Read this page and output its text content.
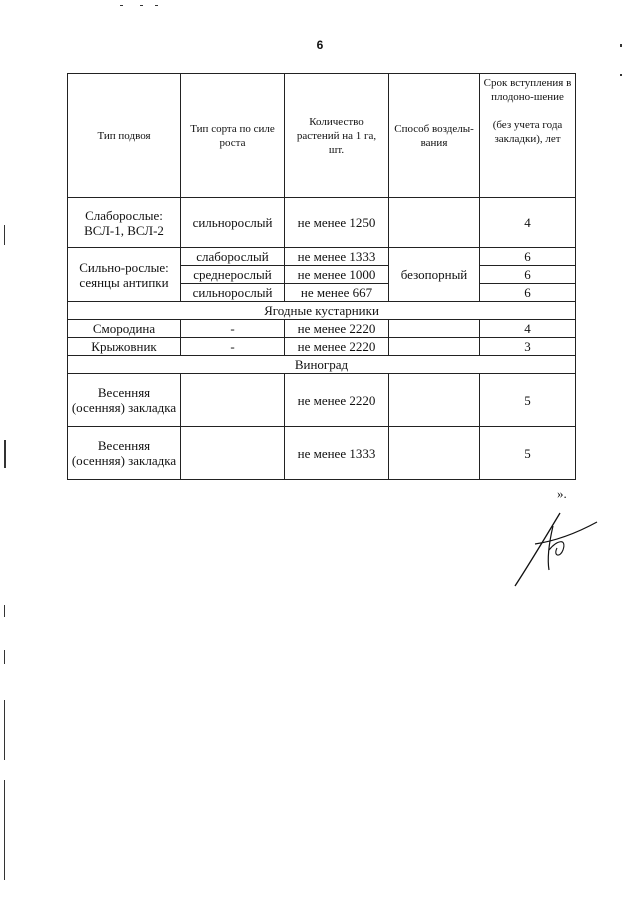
6
Тип подвоя	Тип сорта по силе роста	Количество растений на 1 га, шт.	Способ возделы-вания	Срок вступления в плодоно-шение
(без учета года закладки), лет
Слаборослые: ВСЛ-1, ВСЛ-2	сильнорослый	не менее 1250		4
Сильно-рослые: сеянцы антипки	слаборослый	не менее 1333	безопорный	6
	среднерослый	не менее 1000		6
	сильнорослый	не менее 667		6
Ягодные кустарники				
Смородина	-	не менее 2220		4
Крыжовник	-	не менее 2220		3
Виноград				
Весенняя (осенняя) закладка		не менее 2220		5
Весенняя (осенняя) закладка		не менее 1333		5
».
